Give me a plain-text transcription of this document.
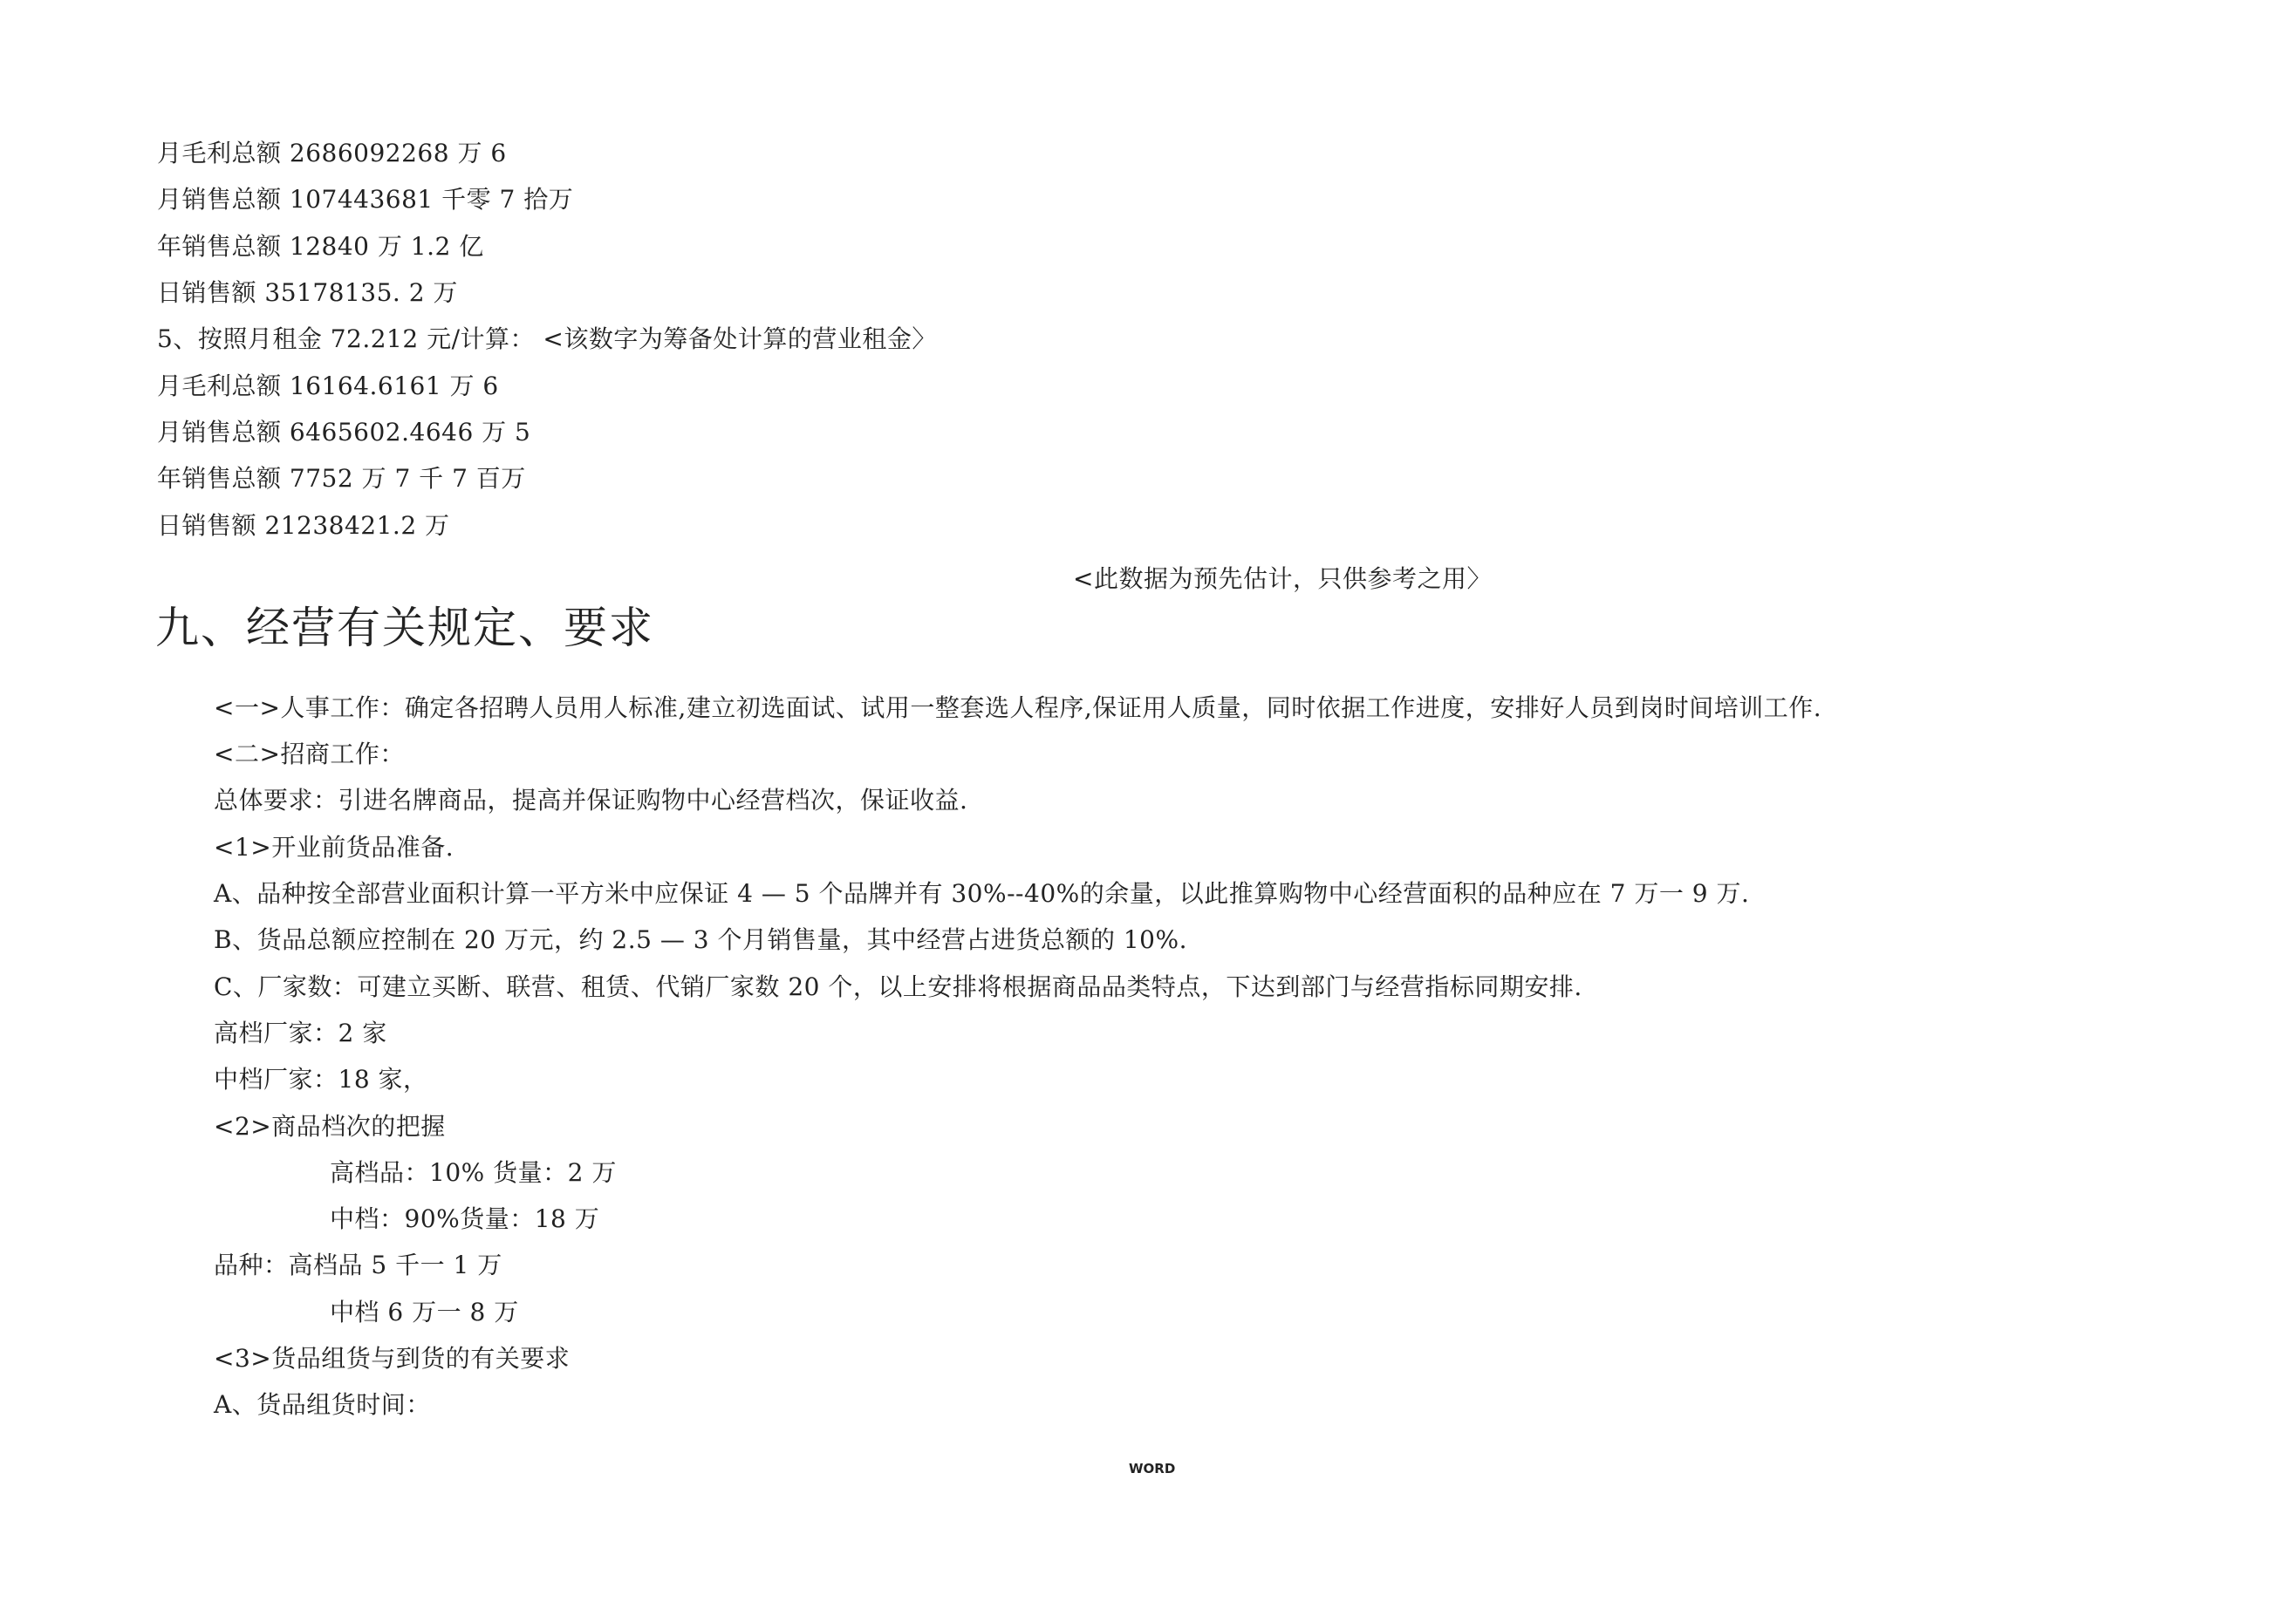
月毛利总额 2686092268 万 6
月销售总额 107443681 千零 7 拾万
年销售总额 12840 万 1.2 亿
日销售额 35178135. 2 万
5、按照月租金 72.212 元/计算： <该数字为筹备处计算的营业租金〉
月毛利总额 16164.6161 万 6
月销售总额 6465602.4646 万 5
年销售总额 7752 万 7 千 7 百万
日销售额 21238421.2 万
<此数据为预先估计，只供参考之用〉
九、经营有关规定、要求
<一>人事工作：确定各招聘人员用人标准,建立初选面试、试用一整套选人程序,保证用人质量，同时依据工作进度，安排好人员到岗时间培训工作.
<二>招商工作：
总体要求：引进名牌商品，提高并保证购物中心经营档次，保证收益.
<1>开业前货品准备.
A、品种按全部营业面积计算一平方米中应保证 4 — 5 个品牌并有 30%--40%的余量，以此推算购物中心经营面积的品种应在 7 万一 9 万.
B、货品总额应控制在 20 万元，约 2.5 — 3 个月销售量，其中经营占进货总额的 10%.
C、厂家数：可建立买断、联营、租赁、代销厂家数 20 个，以上安排将根据商品品类特点，下达到部门与经营指标同期安排.
高档厂家：2 家
中档厂家：18 家，
<2>商品档次的把握
高档品：10% 货量：2 万
中档：90%货量：18 万
品种：高档品 5 千一 1 万
中档 6 万一 8 万
<3>货品组货与到货的有关要求
A、货品组货时间：
WORD
